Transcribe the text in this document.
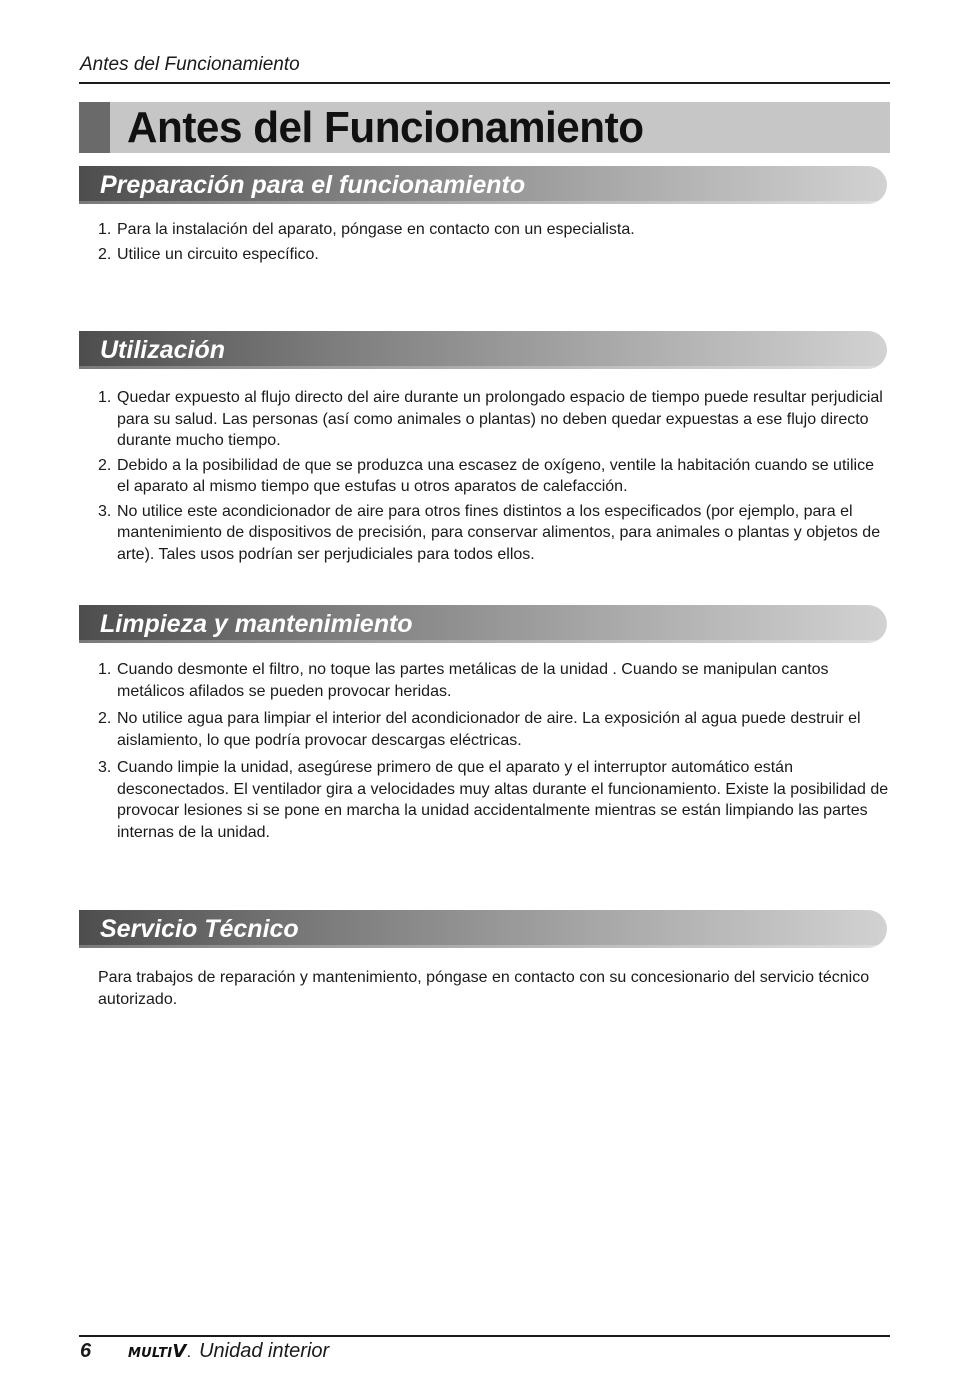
Antes del Funcionamiento
Antes del Funcionamiento
Preparación para el funcionamiento
1. Para la instalación del aparato, póngase en contacto con un especialista.
2. Utilice un circuito específico.
Utilización
1. Quedar expuesto al flujo directo del aire durante un prolongado espacio de tiempo puede resultar perjudicial para su salud. Las personas (así como animales o plantas) no deben quedar expuestas a ese flujo directo durante mucho tiempo.
2. Debido a la posibilidad de que se produzca una escasez de oxígeno, ventile la habitación cuando se utilice el aparato al mismo tiempo que estufas u otros aparatos de calefacción.
3. No utilice este acondicionador de aire para otros fines distintos a los especificados (por ejemplo, para el mantenimiento de dispositivos de precisión, para conservar alimentos, para animales o plantas y objetos de arte). Tales usos podrían ser perjudiciales para todos ellos.
Limpieza y mantenimiento
1. Cuando desmonte el filtro, no toque las partes metálicas de la unidad . Cuando se manipulan cantos metálicos afilados se pueden provocar heridas.
2. No utilice agua para limpiar el interior del acondicionador de aire. La exposición al agua puede destruir el aislamiento, lo que podría provocar descargas eléctricas.
3. Cuando limpie la unidad, asegúrese primero de que el aparato y el interruptor automático están desconectados. El ventilador gira a velocidades muy altas durante el funcionamiento. Existe la posibilidad de provocar lesiones si se pone en marcha la unidad accidentalmente mientras se están limpiando las partes internas de la unidad.
Servicio Técnico
Para trabajos de reparación y mantenimiento, póngase en contacto con su concesionario del servicio técnico autorizado.
6	MULTI V . Unidad interior
